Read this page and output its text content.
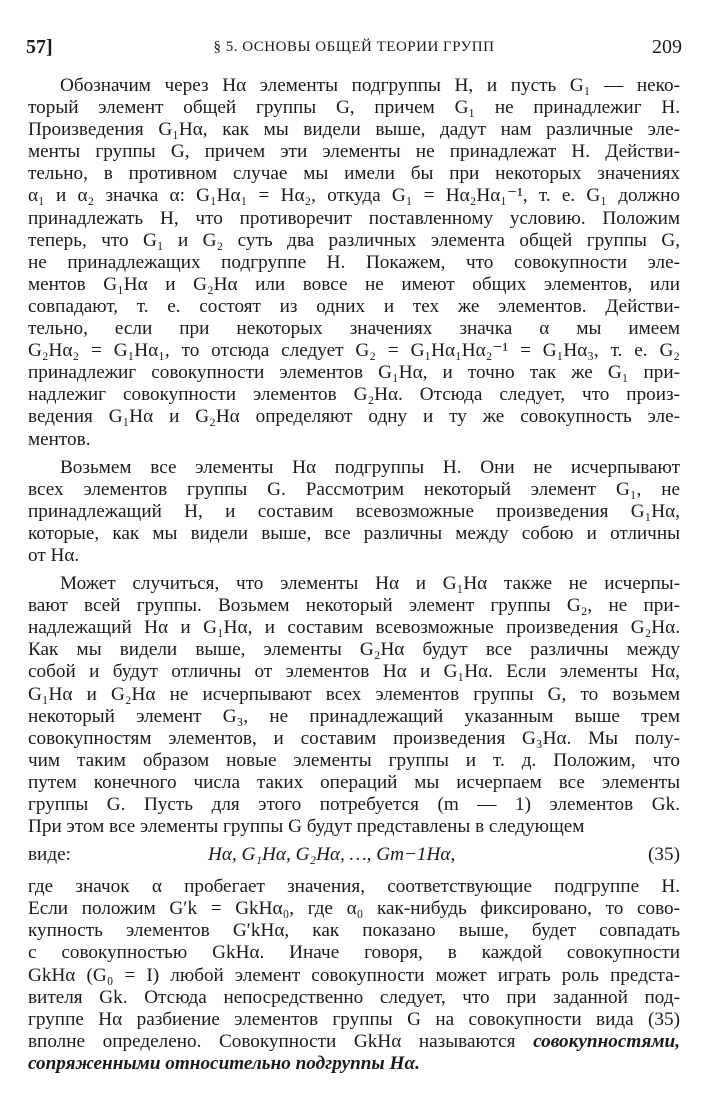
57]	§ 5. ОСНОВЫ ОБЩЕЙ ТЕОРИИ ГРУПП	209
Обозначим через Hα элементы подгруппы H, и пусть G₁ — неко-
торый элемент общей группы G, причем G₁ не принадлежиг H.
Произведения G₁Hα, как мы видели выше, дадут нам различные эле-
менты группы G, причем эти элементы не принадлежат H. Действи-
тельно, в противном случае мы имели бы при некоторых значениях
α₁ и α₂ значка α: G₁Hα₁ = Hα₂, откуда G₁ = Hα₂Hα₁⁻¹, т. е. G₁ должно
принадлежать H, что противоречит поставленному условию. Положим
теперь, что G₁ и G₂ суть два различных элемента общей группы G,
не принадлежащих подгруппе H. Покажем, что совокупности эле-
ментов G₁Hα и G₂Hα или вовсе не имеют общих элементов, или
совпадают, т. е. состоят из одних и тех же элементов. Действи-
тельно, если при некоторых значениях значка α мы имеем
G₂Hα₂ = G₁Hα₁, то отсюда следует G₂ = G₁Hα₁Hα₂⁻¹ = G₁Hα₃, т. е. G₂
принадлежиг совокупности элементов G₁Hα, и точно так же G₁ при-
надлежиг совокупности элементов G₂Hα. Отсюда следует, что произ-
ведения G₁Hα и G₂Hα определяют одну и ту же совокупность эле-
ментов.
Возьмем все элементы Hα подгруппы H. Они не исчерпывают
всех элементов группы G. Рассмотрим некоторый элемент G₁, не
принадлежащий H, и составим всевозможные произведения G₁Hα,
которые, как мы видели выше, все различны между собою и отличны
от Hα.
Может случиться, что элементы Hα и G₁Hα также не исчерпы-
вают всей группы. Возьмем некоторый элемент группы G₂, не при-
надлежащий Hα и G₁Hα, и составим всевозможные произведения G₂Hα.
Как мы видели выше, элементы G₂Hα будут все различны между
собой и будут отличны от элементов Hα и G₁Hα. Если элементы Hα,
G₁Hα и G₂Hα не исчерпывают всех элементов группы G, то возьмем
некоторый элемент G₃, не принадлежащий указанным выше трем
совокупностям элементов, и составим произведения G₃Hα. Мы полу-
чим таким образом новые элементы группы и т. д. Положим, что
путем конечного числа таких операций мы исчерпаем все элементы
группы G. Пусть для этого потребуется (m — 1) элементов Gk.
При этом все элементы группы G будут представлены в следующем
виде:	Hα, G₁Hα, G₂Hα, …, Gm−1Hα,	(35)
где значок α пробегает значения, соответствующие подгруппе H.
Если положим G′k = GkHα₀, где α₀ как-нибудь фиксировано, то сово-
купность элементов G′kHα, как показано выше, будет совпадать
с совокупностью GkHα. Иначе говоря, в каждой совокупности
GkHα (G₀ = I) любой элемент совокупности может играть роль предста-
вителя Gk. Отсюда непосредственно следует, что при заданной под-
группе Hα разбиение элементов группы G на совокупности вида (35)
вполне определено. Совокупности GkHα называются совокупностями,
сопряженными относительно подгруппы Hα.
